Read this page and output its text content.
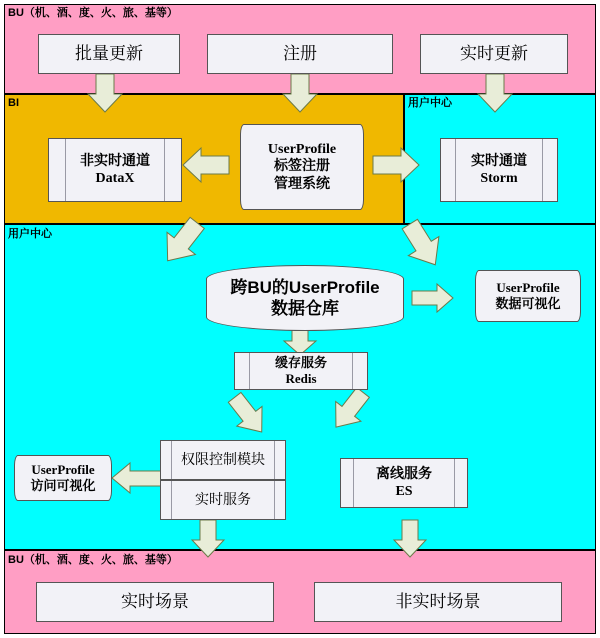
BU（机、酒、度、火、旅、基等）
BI	用户中心
用户中心
BU（机、酒、度、火、旅、基等）
批量更新	注册	实时更新
非实时通道
DataX
UserProfile
标签注册
管理系统
实时通道
Storm
跨BU的UserProfile
数据仓库
UserProfile
数据可视化
缓存服务
Redis
权限控制模块
实时服务
离线服务
ES
UserProfile
访问可视化
实时场景	非实时场景
